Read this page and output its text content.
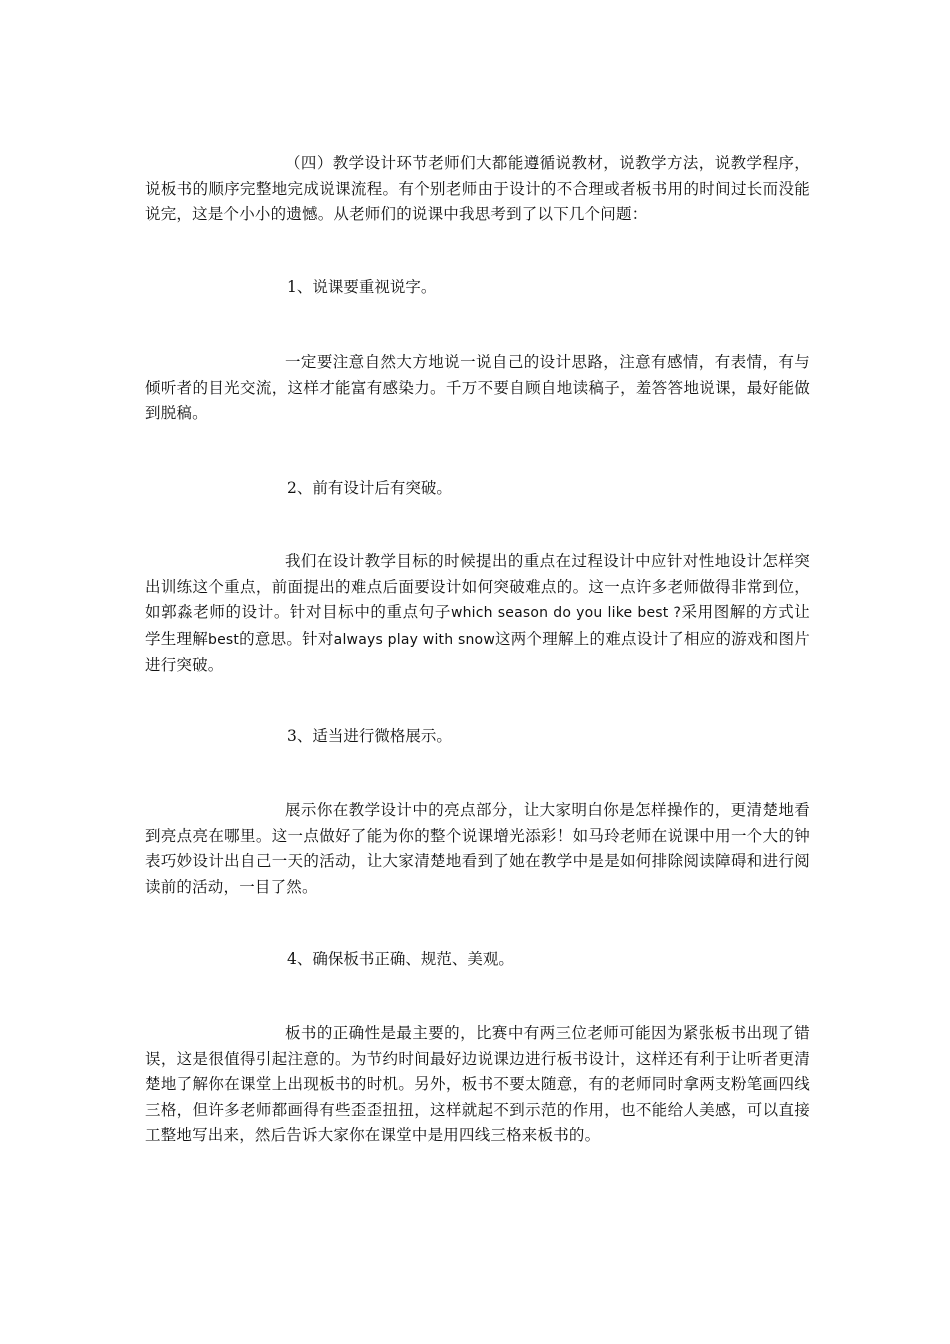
（四）教学设计环节老师们大都能遵循说教材，说教学方法，说教学程序，说板书的顺序完整地完成说课流程。有个别老师由于设计的不合理或者板书用的时间过长而没能说完，这是个小小的遗憾。从老师们的说课中我思考到了以下几个问题：

1、说课要重视说字。

一定要注意自然大方地说一说自己的设计思路，注意有感情，有表情，有与倾听者的目光交流，这样才能富有感染力。千万不要自顾自地读稿子，羞答答地说课，最好能做到脱稿。

2、前有设计后有突破。

我们在设计教学目标的时候提出的重点在过程设计中应针对性地设计怎样突出训练这个重点，前面提出的难点后面要设计如何突破难点的。这一点许多老师做得非常到位，如郭淼老师的设计。针对目标中的重点句子which season do you like best ?采用图解的方式让学生理解best的意思。针对always play with snow这两个理解上的难点设计了相应的游戏和图片进行突破。

3、适当进行微格展示。

展示你在教学设计中的亮点部分，让大家明白你是怎样操作的，更清楚地看到亮点亮在哪里。这一点做好了能为你的整个说课增光添彩！如马玲老师在说课中用一个大的钟表巧妙设计出自己一天的活动，让大家清楚地看到了她在教学中是是如何排除阅读障碍和进行阅读前的活动，一目了然。

4、确保板书正确、规范、美观。

板书的正确性是最主要的，比赛中有两三位老师可能因为紧张板书出现了错误，这是很值得引起注意的。为节约时间最好边说课边进行板书设计，这样还有利于让听者更清楚地了解你在课堂上出现板书的时机。另外，板书不要太随意，有的老师同时拿两支粉笔画四线三格，但许多老师都画得有些歪歪扭扭，这样就起不到示范的作用，也不能给人美感，可以直接工整地写出来，然后告诉大家你在课堂中是用四线三格来板书的。
